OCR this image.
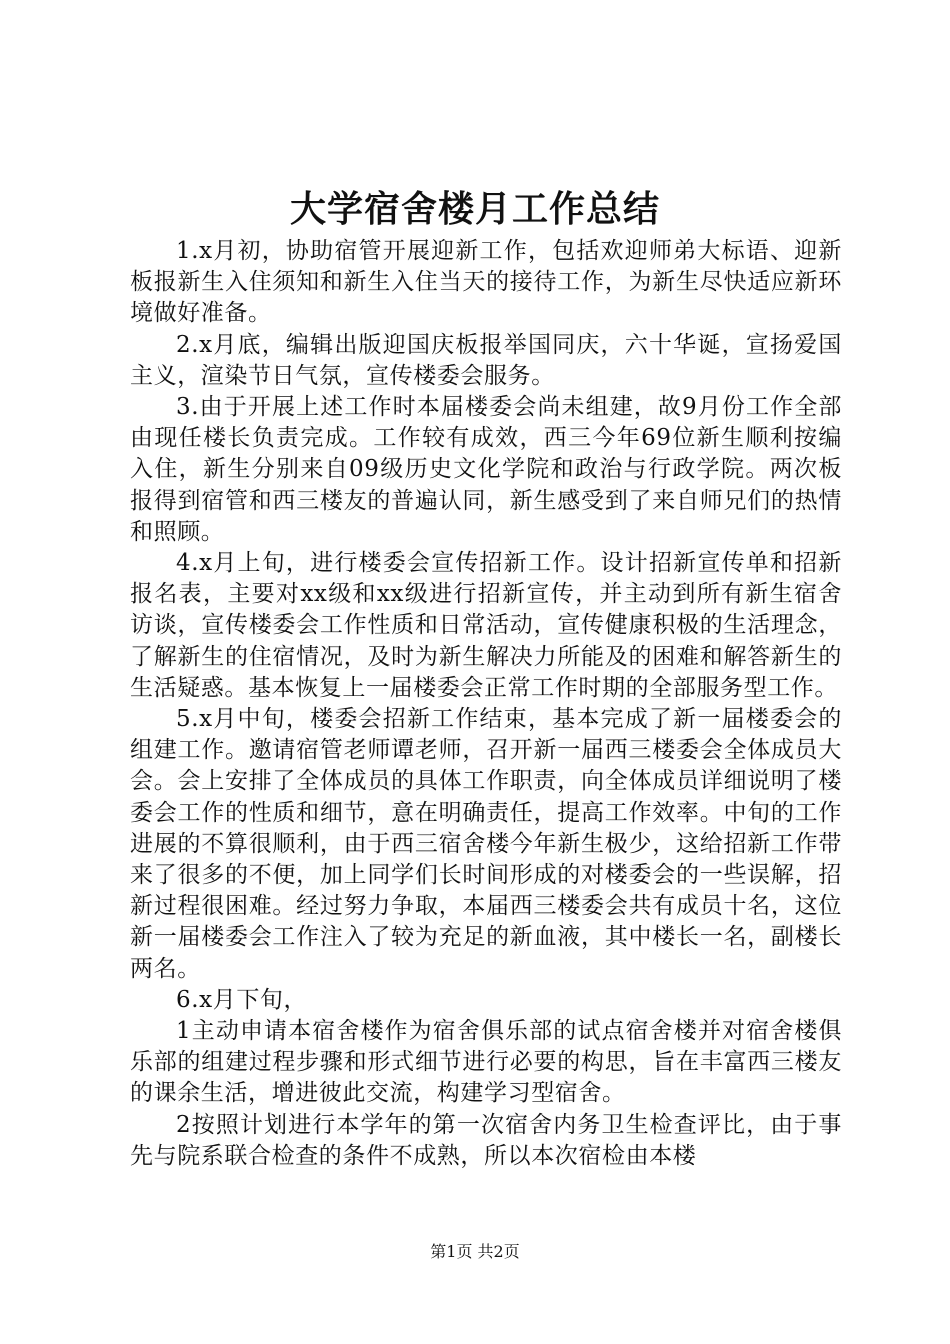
大学宿舍楼月工作总结

1.x月初，协助宿管开展迎新工作，包括欢迎师弟大标语、迎新板报新生入住须知和新生入住当天的接待工作，为新生尽快适应新环境做好准备。

2.x月底，编辑出版迎国庆板报举国同庆，六十华诞，宣扬爱国主义，渲染节日气氛，宣传楼委会服务。

3.由于开展上述工作时本届楼委会尚未组建，故9月份工作全部由现任楼长负责完成。工作较有成效，西三今年69位新生顺利按编入住，新生分别来自09级历史文化学院和政治与行政学院。两次板报得到宿管和西三楼友的普遍认同，新生感受到了来自师兄们的热情和照顾。

4.x月上旬，进行楼委会宣传招新工作。设计招新宣传单和招新报名表，主要对xx级和xx级进行招新宣传，并主动到所有新生宿舍访谈，宣传楼委会工作性质和日常活动，宣传健康积极的生活理念，了解新生的住宿情况，及时为新生解决力所能及的困难和解答新生的生活疑惑。基本恢复上一届楼委会正常工作时期的全部服务型工作。

5.x月中旬，楼委会招新工作结束，基本完成了新一届楼委会的组建工作。邀请宿管老师谭老师，召开新一届西三楼委会全体成员大会。会上安排了全体成员的具体工作职责，向全体成员详细说明了楼委会工作的性质和细节，意在明确责任，提高工作效率。中旬的工作进展的不算很顺利，由于西三宿舍楼今年新生极少，这给招新工作带来了很多的不便，加上同学们长时间形成的对楼委会的一些误解，招新过程很困难。经过努力争取，本届西三楼委会共有成员十名，这位新一届楼委会工作注入了较为充足的新血液，其中楼长一名，副楼长两名。

6.x月下旬，

1主动申请本宿舍楼作为宿舍俱乐部的试点宿舍楼并对宿舍楼俱乐部的组建过程步骤和形式细节进行必要的构思，旨在丰富西三楼友的课余生活，增进彼此交流，构建学习型宿舍。

2按照计划进行本学年的第一次宿舍内务卫生检查评比，由于事先与院系联合检查的条件不成熟，所以本次宿检由本楼

第1页 共2页
